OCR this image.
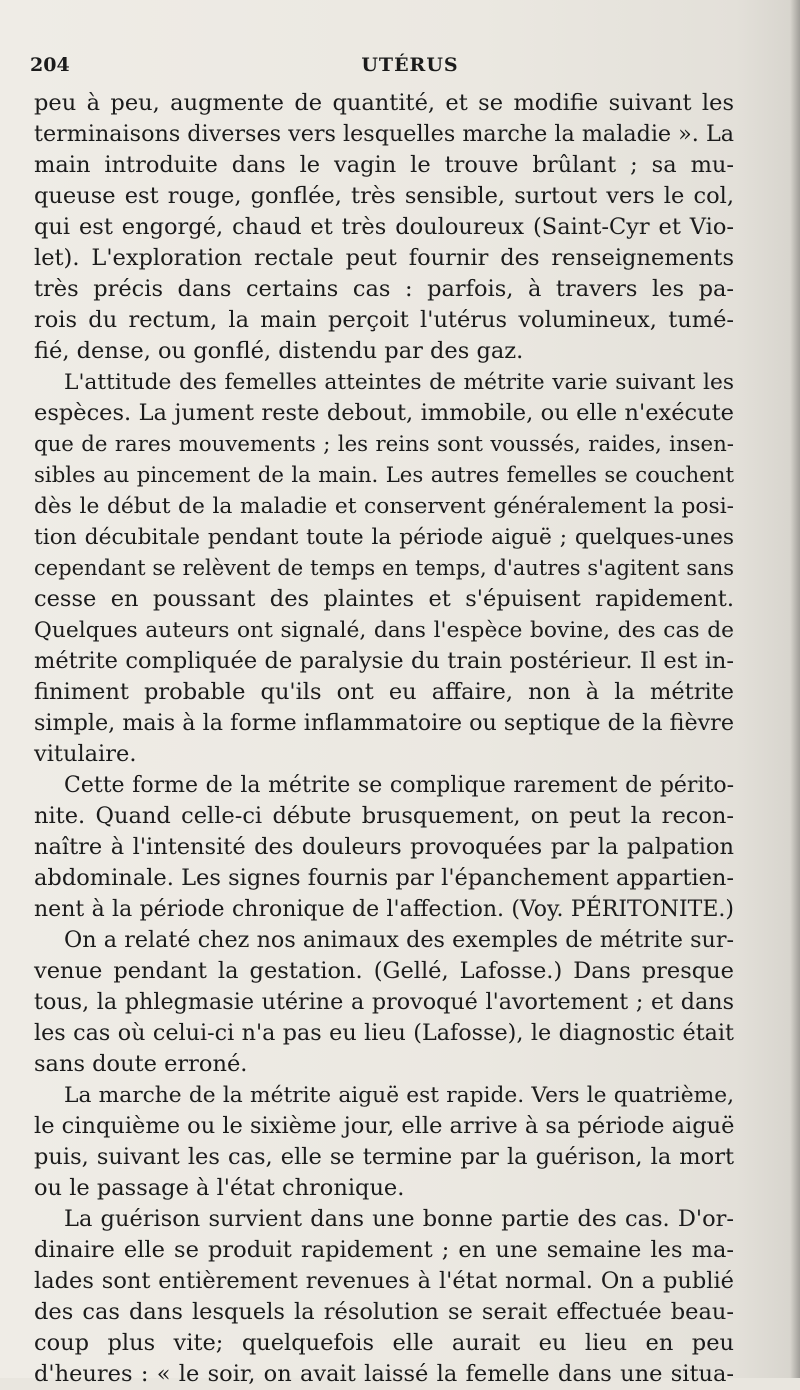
204	UTÉRUS
peu à peu, augmente de quantité, et se modifie suivant les
terminaisons diverses vers lesquelles marche la maladie ». La
main introduite dans le vagin le trouve brûlant ; sa mu-
queuse est rouge, gonflée, très sensible, surtout vers le col,
qui est engorgé, chaud et très douloureux (Saint-Cyr et Vio-
let). L'exploration rectale peut fournir des renseignements
très précis dans certains cas : parfois, à travers les pa-
rois du rectum, la main perçoit l'utérus volumineux, tumé-
fié, dense, ou gonflé, distendu par des gaz.
L'attitude des femelles atteintes de métrite varie suivant les
espèces. La jument reste debout, immobile, ou elle n'exécute
que de rares mouvements ; les reins sont voussés, raides, insen-
sibles au pincement de la main. Les autres femelles se couchent
dès le début de la maladie et conservent généralement la posi-
tion décubitale pendant toute la période aiguë ; quelques-unes
cependant se relèvent de temps en temps, d'autres s'agitent sans
cesse en poussant des plaintes et s'épuisent rapidement.
Quelques auteurs ont signalé, dans l'espèce bovine, des cas de
métrite compliquée de paralysie du train postérieur. Il est in-
finiment probable qu'ils ont eu affaire, non à la métrite
simple, mais à la forme inflammatoire ou septique de la fièvre
vitulaire.
Cette forme de la métrite se complique rarement de périto-
nite. Quand celle-ci débute brusquement, on peut la recon-
naître à l'intensité des douleurs provoquées par la palpation
abdominale. Les signes fournis par l'épanchement appartien-
nent à la période chronique de l'affection. (Voy. PÉRITONITE.)
On a relaté chez nos animaux des exemples de métrite sur-
venue pendant la gestation. (Gellé, Lafosse.) Dans presque
tous, la phlegmasie utérine a provoqué l'avortement ; et dans
les cas où celui-ci n'a pas eu lieu (Lafosse), le diagnostic était
sans doute erroné.
La marche de la métrite aiguë est rapide. Vers le quatrième,
le cinquième ou le sixième jour, elle arrive à sa période aiguë
puis, suivant les cas, elle se termine par la guérison, la mort
ou le passage à l'état chronique.
La guérison survient dans une bonne partie des cas. D'or-
dinaire elle se produit rapidement ; en une semaine les ma-
lades sont entièrement revenues à l'état normal. On a publié
des cas dans lesquels la résolution se serait effectuée beau-
coup plus vite; quelquefois elle aurait eu lieu en peu
d'heures : « le soir, on avait laissé la femelle dans une situa-
